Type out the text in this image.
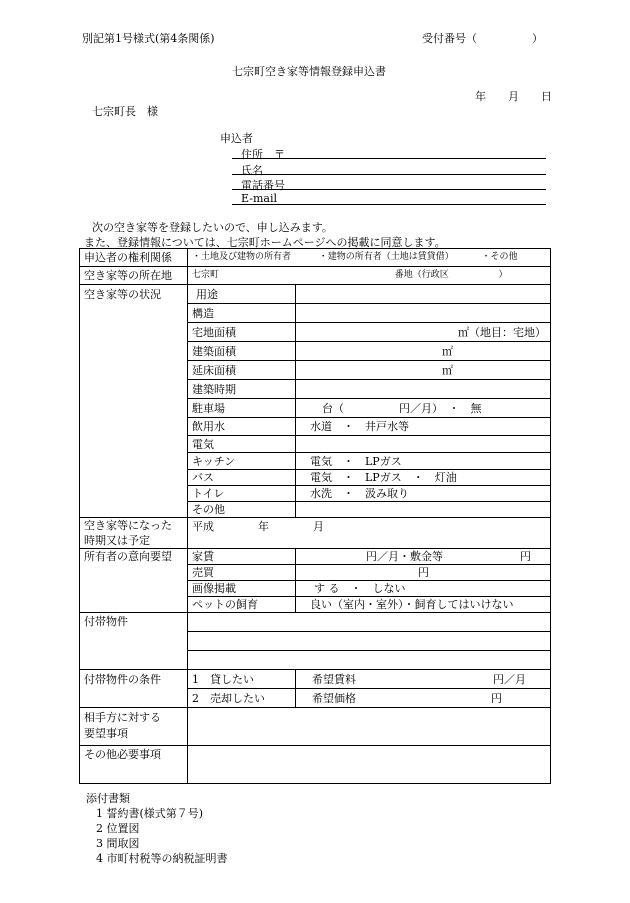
別記第1号様式(第4条関係)	受付番号（　　　　　）
七宗町空き家等情報登録申込書
年 月 日
七宗町長　様
申込者
住所　〒
氏名
電話番号
E-mail
次の空き家等を登録したいので、申し込みます。
また、登録情報については、七宗町ホームページへの掲載に同意します。
申込者の権利関係	・土地及び建物の所有者 ・建物の所有者（土地は賃貸借） ・その他	
空き家等の所在地	七宗町 番地（行政区 ）	
空き家等の状況	用途	

	構造	
	宅地面積	㎡（地目：宅地）
	建築面積	㎡
	延床面積	㎡
	建築時期	
	駐車場	台（　　　　　円／月）　・　無
	飲用水	水道　・　井戸水等
	電気	
	キッチン	電気　・　LPガス
	バス	電気　・　LPガス　・　灯油
	トイレ	水洗　・　汲み取り
	その他	

空き家等になった
時期又は予定	平成　　　　年　　　　月	
所有者の意向要望	家賃	円／月・敷金等　　　　　　　円
	売買	円
	画像掲載	す る　・　しない
	ペットの飼育	良い（室内・室外）・飼育してはいけない
付帯物件		

付帯物件の条件	1　貸したい	希望賃料 円／月

	2　売却したい	希望価格 円

相手方に対する
要望事項		

その他必要事項		
添付書類
1 誓約書(様式第７号)
2 位置図
3 間取図
4 市町村税等の納税証明書
